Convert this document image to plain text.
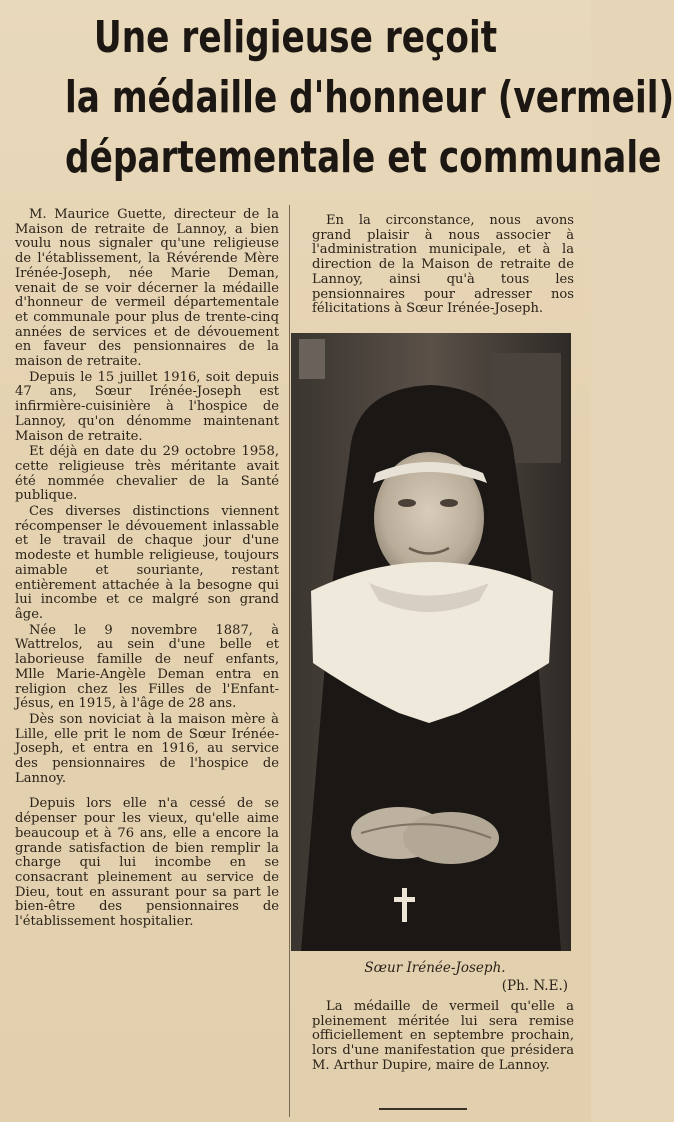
Une religieuse reçoit
la médaille d'honneur (vermeil)
départementale et communale

M. Maurice Guette, directeur de la Maison de retraite de Lannoy, a bien voulu nous signaler qu'une religieuse de l'établissement, la Révérende Mère Irénée-Joseph, née Marie Deman, venait de se voir décerner la médaille d'honneur de vermeil départementale et communale pour plus de trente-cinq années de services et de dévouement en faveur des pensionnaires de la maison de retraite.

Depuis le 15 juillet 1916, soit depuis 47 ans, Sœur Irénée-Joseph est infirmière-cuisinière à l'hospice de Lannoy, qu'on dénomme maintenant Maison de retraite.

Et déjà en date du 29 octobre 1958, cette religieuse très méritante avait été nommée chevalier de la Santé publique.

Ces diverses distinctions viennent récompenser le dévouement inlassable et le travail de chaque jour d'une modeste et humble religieuse, toujours aimable et souriante, restant entièrement attachée à la besogne qui lui incombe et ce malgré son grand âge.

Née le 9 novembre 1887, à Wattrelos, au sein d'une belle et laborieuse famille de neuf enfants, Mlle Marie-Angèle Deman entra en religion chez les Filles de l'Enfant-Jésus, en 1915, à l'âge de 28 ans.

Dès son noviciat à la maison mère à Lille, elle prit le nom de Sœur Irénée-Joseph, et entra en 1916, au service des pensionnaires de l'hospice de Lannoy.

Depuis lors elle n'a cessé de se dépenser pour les vieux, qu'elle aime beaucoup et à 76 ans, elle a encore la grande satisfaction de bien remplir la charge qui lui incombe en se consacrant pleinement au service de Dieu, tout en assurant pour sa part le bien-être des pensionnaires de l'établissement hospitalier.

En la circonstance, nous avons grand plaisir à nous associer à l'administration municipale, et à la direction de la Maison de retraite de Lannoy, ainsi qu'à tous les pensionnaires pour adresser nos félicitations à Sœur Irénée-Joseph.

Sœur Irénée-Joseph.
(Ph. N.E.)

La médaille de vermeil qu'elle a pleinement méritée lui sera remise officiellement en septembre prochain, lors d'une manifestation que présidera M. Arthur Dupire, maire de Lannoy.
